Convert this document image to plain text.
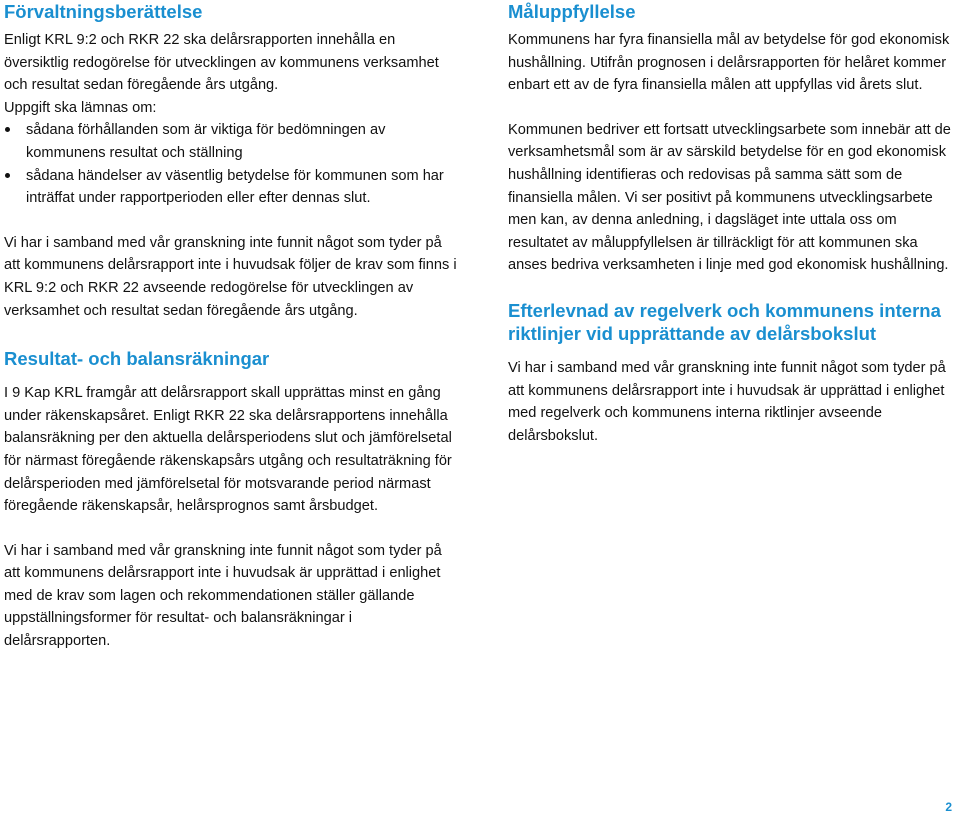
Förvaltningsberättelse

Enligt KRL 9:2 och RKR 22 ska delårsrapporten innehålla en översiktlig redogörelse för utvecklingen av kommunens verksamhet och resultat sedan föregående års utgång.

Uppgift ska lämnas om:

sådana förhållanden som är viktiga för bedömningen av kommunens resultat och ställning
sådana händelser av väsentlig betydelse för kommunen som har inträffat under rapportperioden eller efter dennas slut.

Vi har i samband med vår granskning inte funnit något som tyder på att kommunens delårsrapport inte i huvudsak följer de krav som finns i KRL 9:2 och RKR 22 avseende redogörelse för utvecklingen av verksamhet och resultat sedan föregående års utgång.

Resultat- och balansräkningar

I 9 Kap KRL framgår att delårsrapport skall upprättas minst en gång under räkenskapsåret. Enligt RKR 22 ska delårsrapportens innehålla balansräkning per den aktuella delårsperiodens slut och jämförelsetal för närmast föregående räkenskapsårs utgång och resultaträkning för delårsperioden med jämförelsetal för motsvarande period närmast föregående räkenskapsår, helårsprognos samt årsbudget.

Vi har i samband med vår granskning inte funnit något som tyder på att kommunens delårsrapport inte i huvudsak är upprättad i enlighet med de krav som lagen och rekommendationen ställer gällande uppställningsformer för resultat- och balansräkningar i delårsrapporten.

Måluppfyllelse

Kommunens har fyra finansiella mål av betydelse för god ekonomisk hushållning. Utifrån prognosen i delårsrapporten för helåret kommer enbart ett av de fyra finansiella målen att uppfyllas vid årets slut.

Kommunen bedriver ett fortsatt utvecklingsarbete som innebär att de verksamhetsmål som är av särskild betydelse för en god ekonomisk hushållning identifieras och redovisas på samma sätt som de finansiella målen. Vi ser positivt på kommunens utvecklingsarbete men kan, av denna anledning, i dagsläget inte uttala oss om resultatet av måluppfyllelsen är tillräckligt för att kommunen ska anses bedriva verksamheten i linje med god ekonomisk hushållning.

Efterlevnad av regelverk och kommunens interna riktlinjer vid upprättande av delårsbokslut

Vi har i samband med vår granskning inte funnit något som tyder på att kommunens delårsrapport inte i huvudsak är upprättad i enlighet med regelverk och kommunens interna riktlinjer avseende delårsbokslut.

2
